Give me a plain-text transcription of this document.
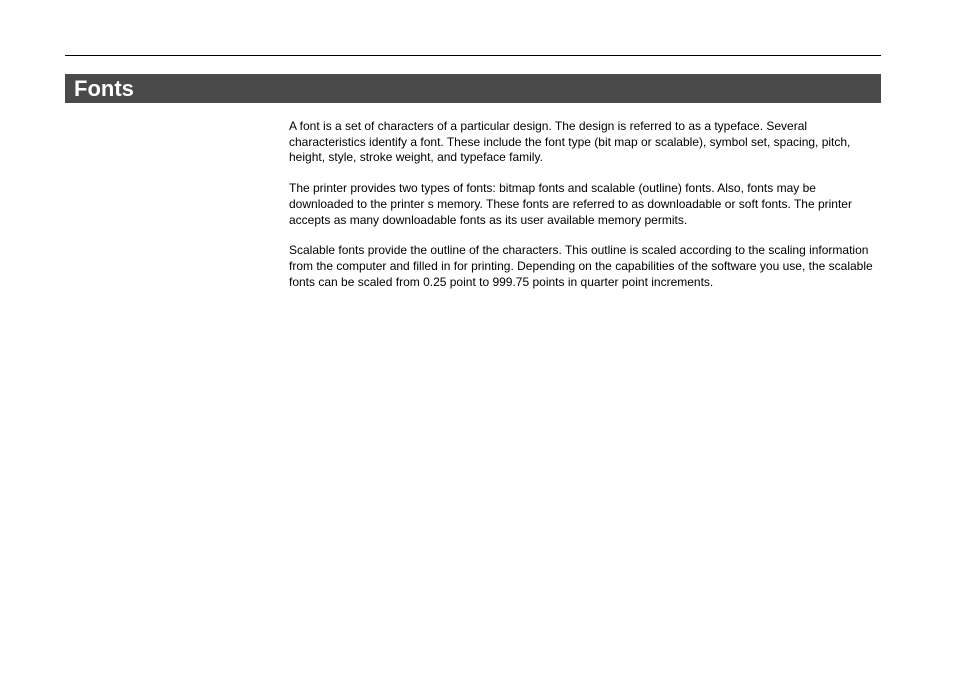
Fonts

A font is a set of characters of a particular design. The design is referred to as a typeface. Several characteristics identify a font. These include the font type (bit map or scalable), symbol set, spacing, pitch, height, style, stroke weight, and typeface family.

The printer provides two types of fonts: bitmap fonts and scalable (outline) fonts. Also, fonts may be downloaded to the printer s memory. These fonts are referred to as downloadable or soft fonts. The printer accepts as many downloadable fonts as its user available memory permits.

Scalable fonts provide the outline of the characters. This outline is scaled according to the scaling information from the computer and filled in for printing. Depending on the capabilities of the software you use, the scalable fonts can be scaled from 0.25 point to 999.75 points in quarter point increments.
